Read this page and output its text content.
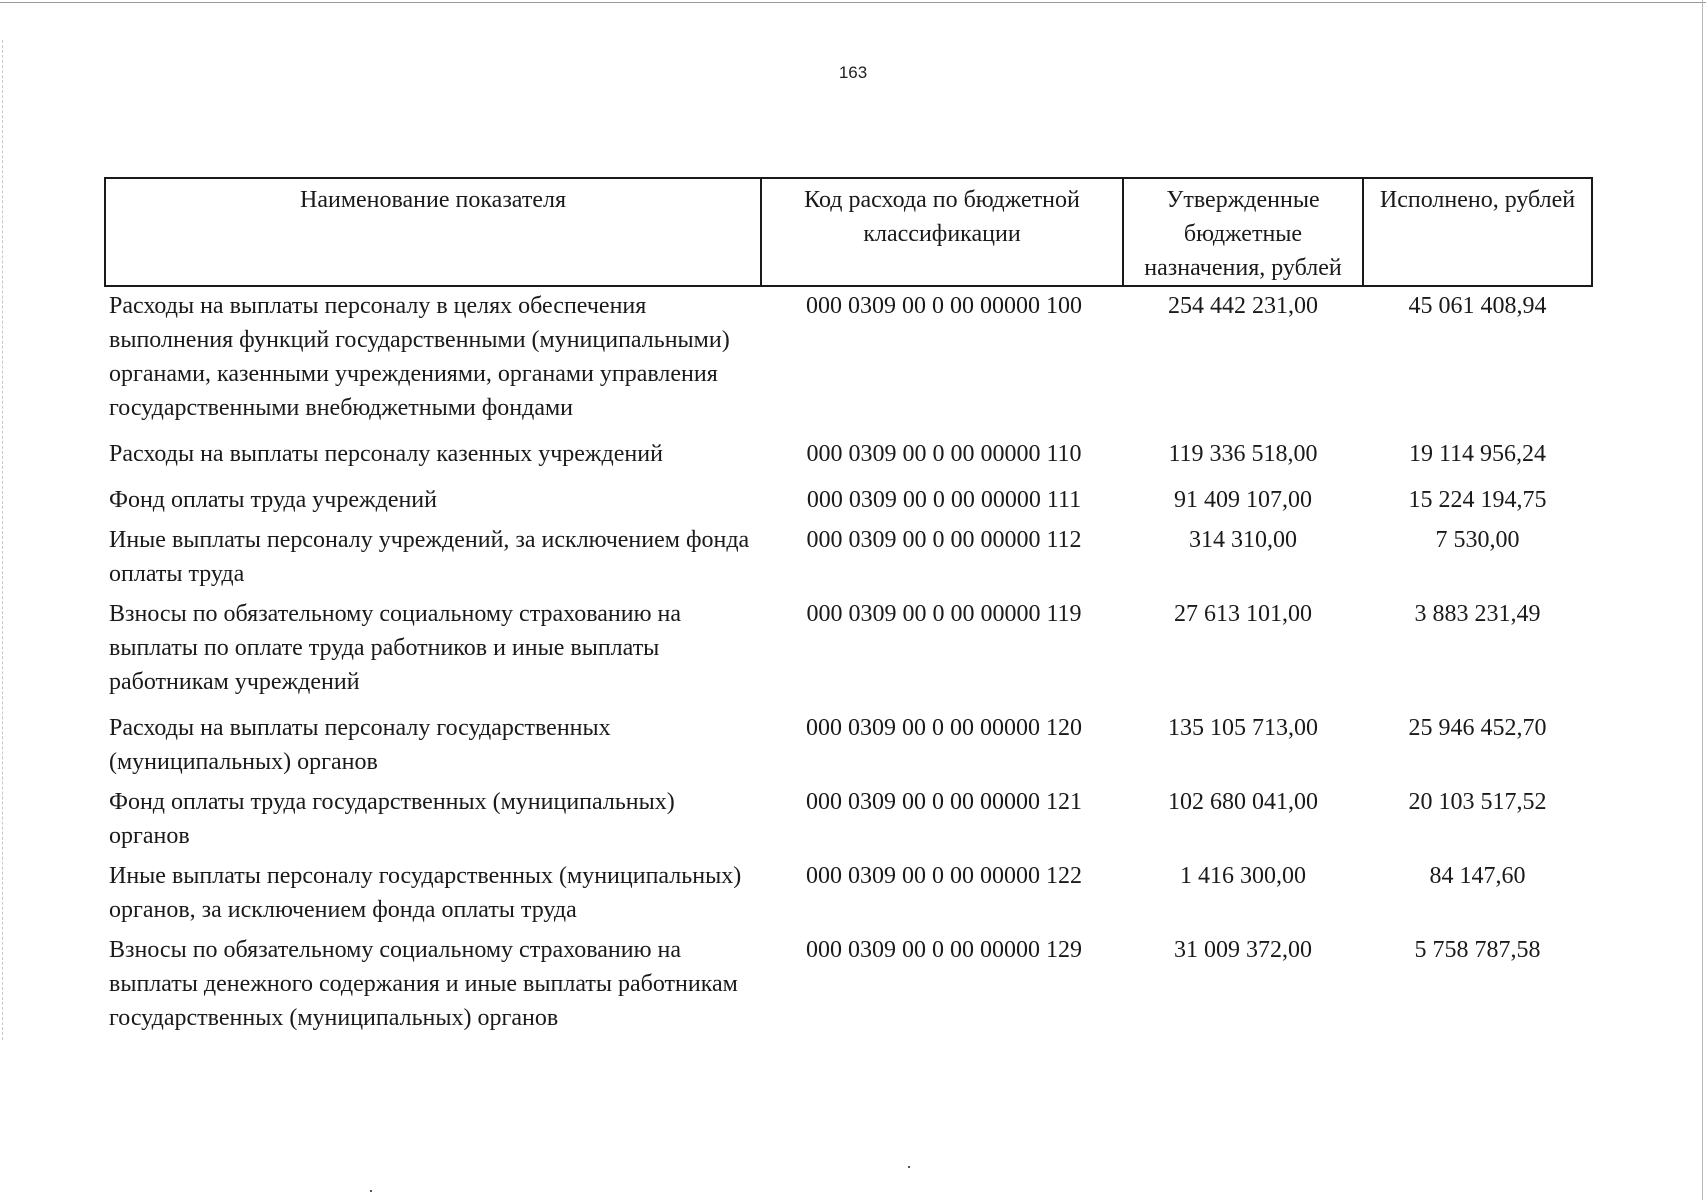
163
Наименование показателя	Код расхода по бюджетной классификации	Утвержденные бюджетные назначения, рублей	Исполнено, рублей
Расходы на выплаты персоналу в целях обеспечения выполнения функций государственными (муниципальными) органами, казенными учреждениями, органами управления государственными внебюджетными фондами	000 0309 00 0 00 00000 100	254 442 231,00	45 061 408,94
Расходы на выплаты персоналу казенных учреждений	000 0309 00 0 00 00000 110	119 336 518,00	19 114 956,24
Фонд оплаты труда учреждений	000 0309 00 0 00 00000 111	91 409 107,00	15 224 194,75
Иные выплаты персоналу учреждений, за исключением фонда оплаты труда	000 0309 00 0 00 00000 112	314 310,00	7 530,00
Взносы по обязательному социальному страхованию на выплаты по оплате труда работников и иные выплаты работникам учреждений	000 0309 00 0 00 00000 119	27 613 101,00	3 883 231,49
Расходы на выплаты персоналу государственных (муниципальных) органов	000 0309 00 0 00 00000 120	135 105 713,00	25 946 452,70
Фонд оплаты труда государственных (муниципальных) органов	000 0309 00 0 00 00000 121	102 680 041,00	20 103 517,52
Иные выплаты персоналу государственных (муниципальных) органов, за исключением фонда оплаты труда	000 0309 00 0 00 00000 122	1 416 300,00	84 147,60
Взносы по обязательному социальному страхованию на выплаты денежного содержания и иные выплаты работникам государственных (муниципальных) органов	000 0309 00 0 00 00000 129	31 009 372,00	5 758 787,58
